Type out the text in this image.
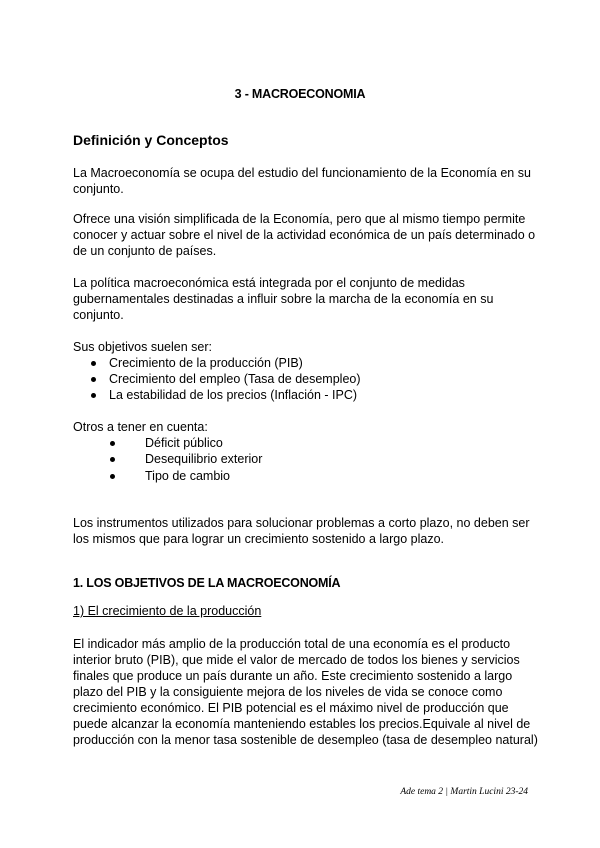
3 - MACROECONOMIA
Definición y Conceptos
La Macroeconomía se ocupa del estudio del funcionamiento de la Economía en su
conjunto.
Ofrece una visión simplificada de la Economía, pero que al mismo tiempo permite
conocer y actuar sobre el nivel de la actividad económica de un país determinado o
de un conjunto de países.
La política macroeconómica está integrada por el conjunto de medidas
gubernamentales destinadas a influir sobre la marcha de la economía en su
conjunto.
Sus objetivos suelen ser:
Crecimiento de la producción (PIB)
Crecimiento del empleo (Tasa de desempleo)
La estabilidad de los precios (Inflación - IPC)
Otros a tener en cuenta:
Déficit público
Desequilibrio exterior
Tipo de cambio
Los instrumentos utilizados para solucionar problemas a corto plazo, no deben ser
los mismos que para lograr un crecimiento sostenido a largo plazo.
1. LOS OBJETIVOS DE LA MACROECONOMÍA
1) El crecimiento de la producción
El indicador más amplio de la producción total de una economía es el producto
interior bruto (PIB), que mide el valor de mercado de todos los bienes y servicios
finales que produce un país durante un año. Este crecimiento sostenido a largo
plazo del PIB y la consiguiente mejora de los niveles de vida se conoce como
crecimiento económico. El PIB potencial es el máximo nivel de producción que
puede alcanzar la economía manteniendo estables los precios.Equivale al nivel de
producción con la menor tasa sostenible de desempleo (tasa de desempleo natural)
Ade tema 2 | Martin Lucini 23-24
